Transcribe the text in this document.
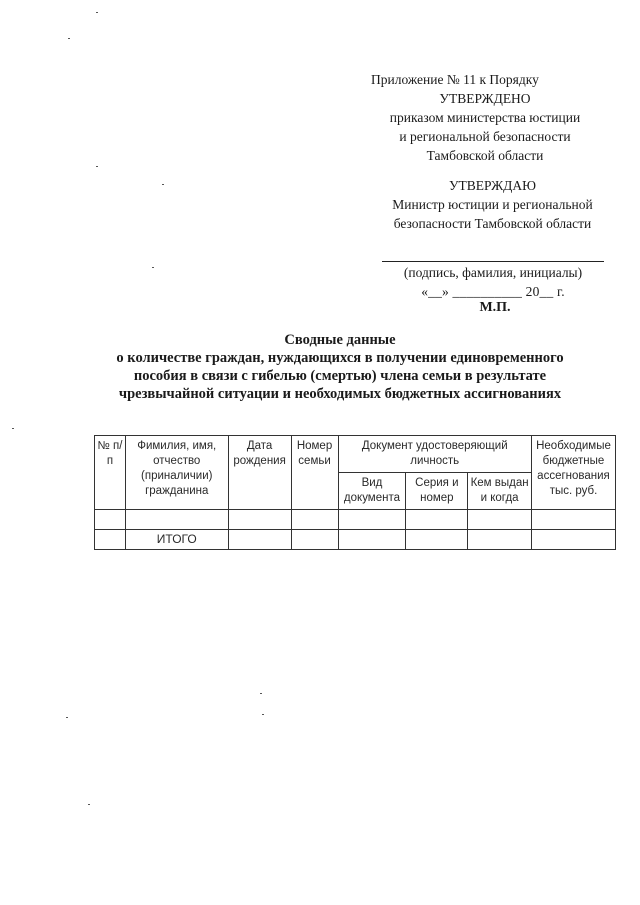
Приложение № 11 к Порядку
УТВЕРЖДЕНО
приказом министерства юстиции
и региональной безопасности
Тамбовской области
УТВЕРЖДАЮ
Министр юстиции и региональной
безопасности Тамбовской области
(подпись, фамилия, инициалы)
«__» __________ 20__ г.
М.П.
Сводные данные
о количестве граждан, нуждающихся в получении единовременного
пособия в связи с гибелью (смертью) члена семьи в результате
чрезвычайной ситуации и необходимых бюджетных ассигнованиях
№ п/п	Фимилия, имя, отчество (приналичии) гражданина	Дата рождения	Номер семьи	Документ удостоверяющий личность			Необходимые бюджетные ассегнования тыс. руб.
				Вид документа	Серия и номер	Кем выдан и когда	

	ИТОГО						
